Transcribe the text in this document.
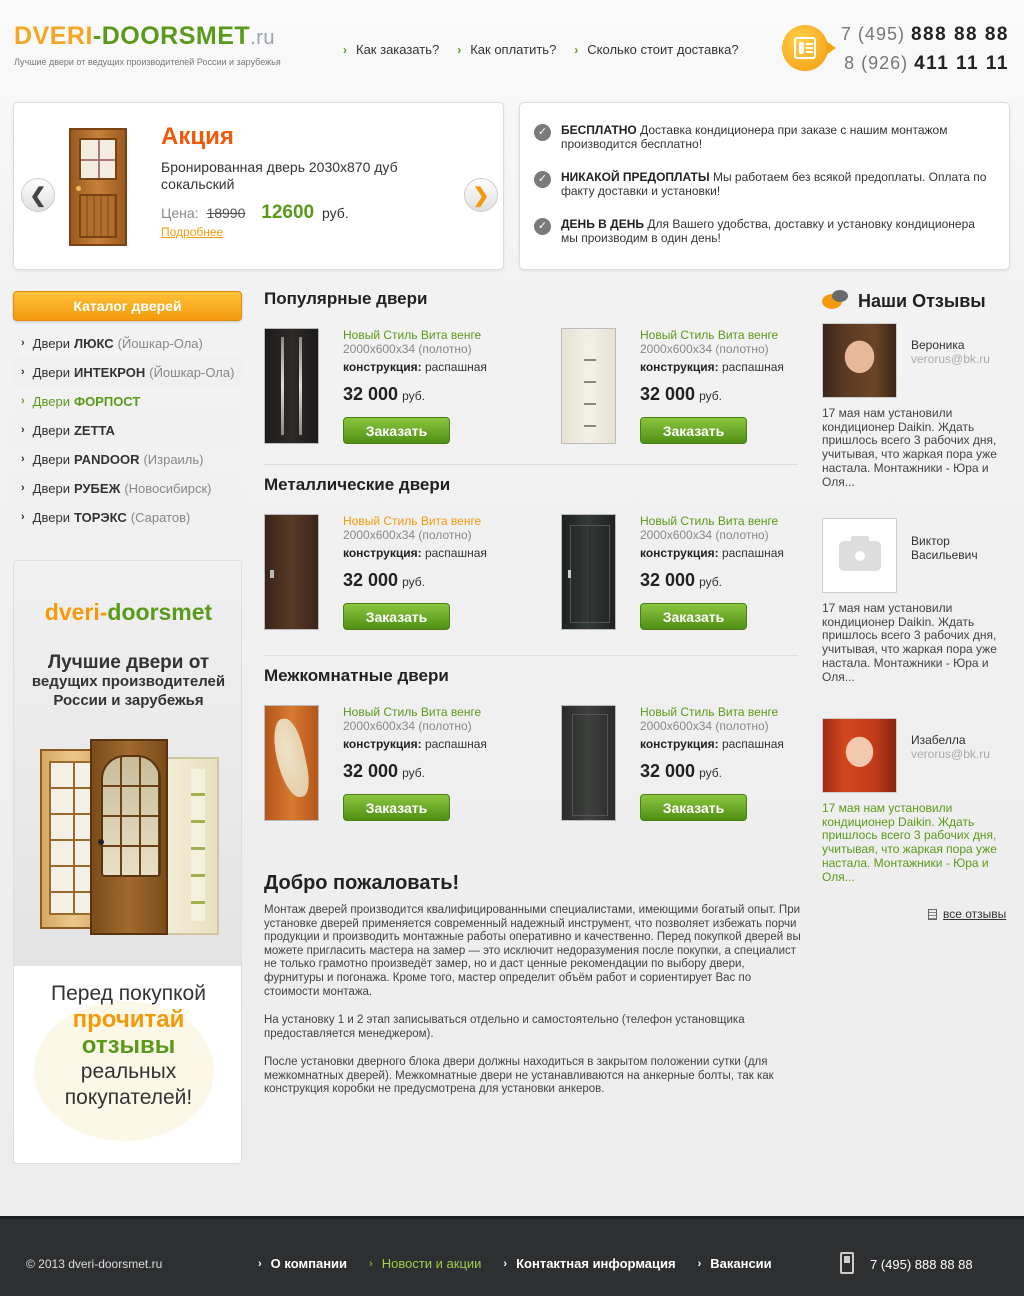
DVERI-DOORSMET.ru
Лучшие двери от ведущих производителей России и зарубежья
› Как заказать? › Как оплатить? › Сколько стоит доставка?
7 (495) 888 88 88
8 (926) 411 11 11
❮
Акция
Бронированная дверь 2030х870 дуб сокальский
Цена: 18990 12600 руб.
Подробнее
❯
✓	БЕСПЛАТНО Доставка кондиционера при заказе с нашим монтажом производится бесплатно!

✓	НИКАКОЙ ПРЕДОПЛАТЫ Мы работаем без всякой предоплаты. Оплата по факту доставки и установки!

✓	ДЕНЬ В ДЕНЬ Для Вашего удобства, доставку и установку кондиционера мы производим в один день!

Каталог дверей
› Двери ЛЮКС (Йошкар-Ола)
› Двери ИНТЕКРОН (Йошкар-Ола)
› Двери ФОРПОСТ
› Двери ZETTA
› Двери PANDOOR (Израиль)
› Двери РУБЕЖ (Новосибирск)
› Двери ТОРЭКС (Саратов)
dveri-doorsmet
Лучшие двери от
ведущих производителей
России и зарубежья
Перед покупкой
прочитай
отзывы
реальных
покупателей!
Популярные двери
Новый Стиль Вита венге
2000х600х34 (полотно)
конструкция: распашная
32 000 руб.
Заказать
Новый Стиль Вита венге
2000х600х34 (полотно)
конструкция: распашная
32 000 руб.
Заказать
Металлические двери
Новый Стиль Вита венге
2000х600х34 (полотно)
конструкция: распашная
32 000 руб.
Заказать
Новый Стиль Вита венге
2000х600х34 (полотно)
конструкция: распашная
32 000 руб.
Заказать
Межкомнатные двери
Новый Стиль Вита венге
2000х600х34 (полотно)
конструкция: распашная
32 000 руб.
Заказать
Новый Стиль Вита венге
2000х600х34 (полотно)
конструкция: распашная
32 000 руб.
Заказать
Добро пожаловать!

Монтаж дверей производится квалифицированными специалистами, имеющими богатый опыт. При установке дверей применяется современный надежный инструмент, что позволяет избежать порчи продукции и производить монтажные работы оперативно и качественно. Перед покупкой дверей вы можете пригласить мастера на замер — это исключит недоразумения после покупки, а специалист не только грамотно произведёт замер, но и даст ценные рекомендации по выбору двери, фурнитуры и погонажа. Кроме того, мастер определит объём работ и сориентирует Вас по стоимости монтажа.

На установку 1 и 2 этап записываться отдельно и самостоятельно (телефон установщика предоставляется менеджером).

После установки дверного блока двери должны находиться в закрытом положении сутки (для межкомнатных дверей). Межкомнатные двери не устанавливаются на анкерные болты, так как конструкция коробки не предусмотрена для установки анкеров.

Наши Отзывы
Вероника
verorus@bk.ru
17 мая нам установили кондиционер Daikin. Ждать пришлось всего 3 рабочих дня, учитывая, что жаркая пора уже настала. Монтажники - Юра и Оля...
Виктор Васильевич
17 мая нам установили кондиционер Daikin. Ждать пришлось всего 3 рабочих дня, учитывая, что жаркая пора уже настала. Монтажники - Юра и Оля...
Изабелла
verorus@bk.ru
17 мая нам установили кондиционер Daikin. Ждать пришлось всего 3 рабочих дня, учитывая, что жаркая пора уже настала. Монтажники - Юра и Оля...
все отзывы
© 2013 dveri-doorsmet.ru	› О компании › Новости и акции › Контактная информация › Вакансии	7 (495) 888 88 88
